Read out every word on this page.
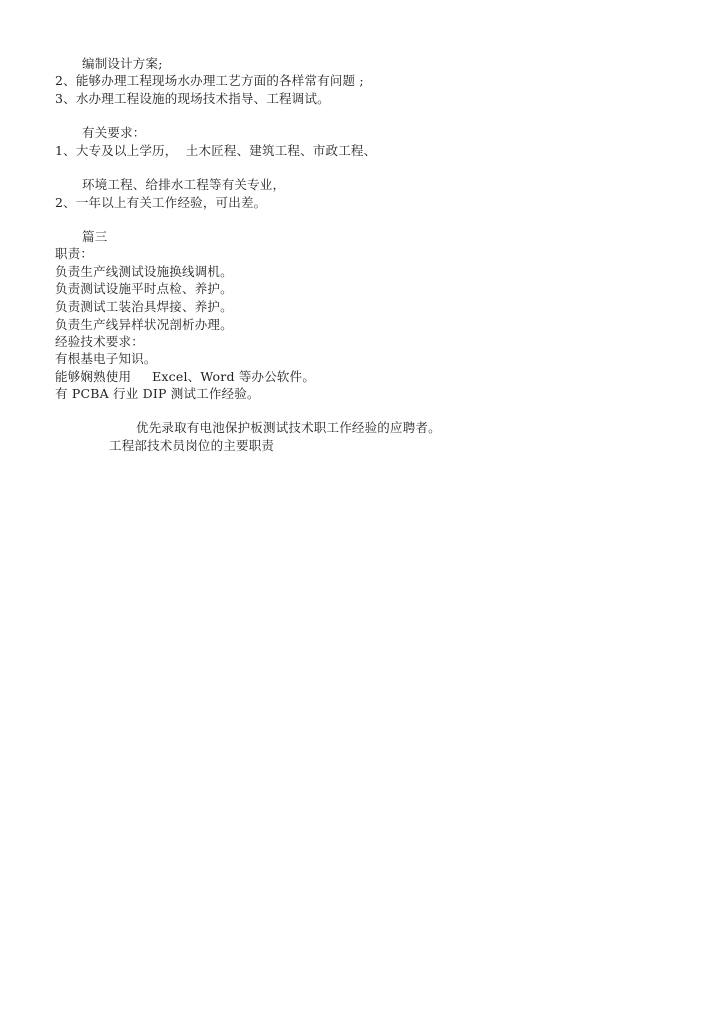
编制设计方案;
2、能够办理工程现场水办理工艺方面的各样常有问题 ;
3、水办理工程设施的现场技术指导、工程调试。
有关要求：
1、大专及以上学历，  土木匠程、建筑工程、市政工程、
环境工程、给排水工程等有关专业，
2、一年以上有关工作经验，可出差。
篇三
职责：
负责生产线测试设施换线调机。
负责测试设施平时点检、养护。
负责测试工装治具焊接、养护。
负责生产线异样状况剖析办理。
经验技术要求：
有根基电子知识。
能够娴熟使用     Excel、Word 等办公软件。
有 PCBA 行业 DIP 测试工作经验。
优先录取有电池保护板测试技术职工作经验的应聘者。
工程部技术员岗位的主要职责
